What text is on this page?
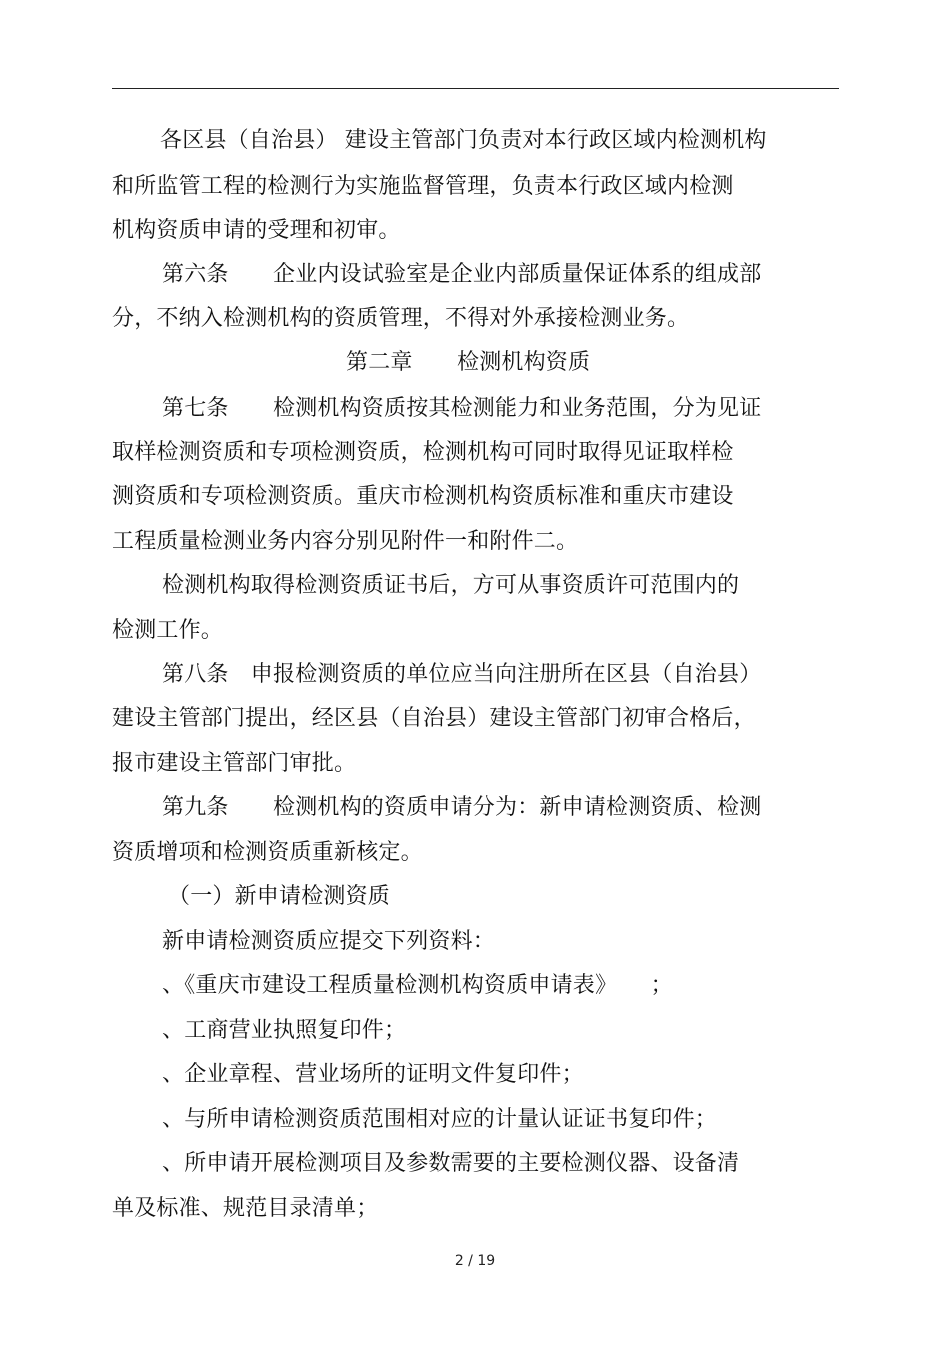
各区县（自治县） 建设主管部门负责对本行政区域内检测机构
和所监管工程的检测行为实施监督管理，负责本行政区域内检测
机构资质申请的受理和初审。
第六条　　企业内设试验室是企业内部质量保证体系的组成部
分，不纳入检测机构的资质管理，不得对外承接检测业务。
第二章　　检测机构资质
第七条　　检测机构资质按其检测能力和业务范围，分为见证
取样检测资质和专项检测资质，检测机构可同时取得见证取样检
测资质和专项检测资质。重庆市检测机构资质标准和重庆市建设
工程质量检测业务内容分别见附件一和附件二。
检测机构取得检测资质证书后，方可从事资质许可范围内的
检测工作。
第八条　申报检测资质的单位应当向注册所在区县（自治县）
建设主管部门提出，经区县（自治县）建设主管部门初审合格后，
报市建设主管部门审批。
第九条　　检测机构的资质申请分为：新申请检测资质、检测
资质增项和检测资质重新核定。
（一）新申请检测资质
新申请检测资质应提交下列资料：
、《重庆市建设工程质量检测机构资质申请表》　　；
、工商营业执照复印件；
、企业章程、营业场所的证明文件复印件；
、与所申请检测资质范围相对应的计量认证证书复印件；
、所申请开展检测项目及参数需要的主要检测仪器、设备清
单及标准、规范目录清单；
2 / 19
